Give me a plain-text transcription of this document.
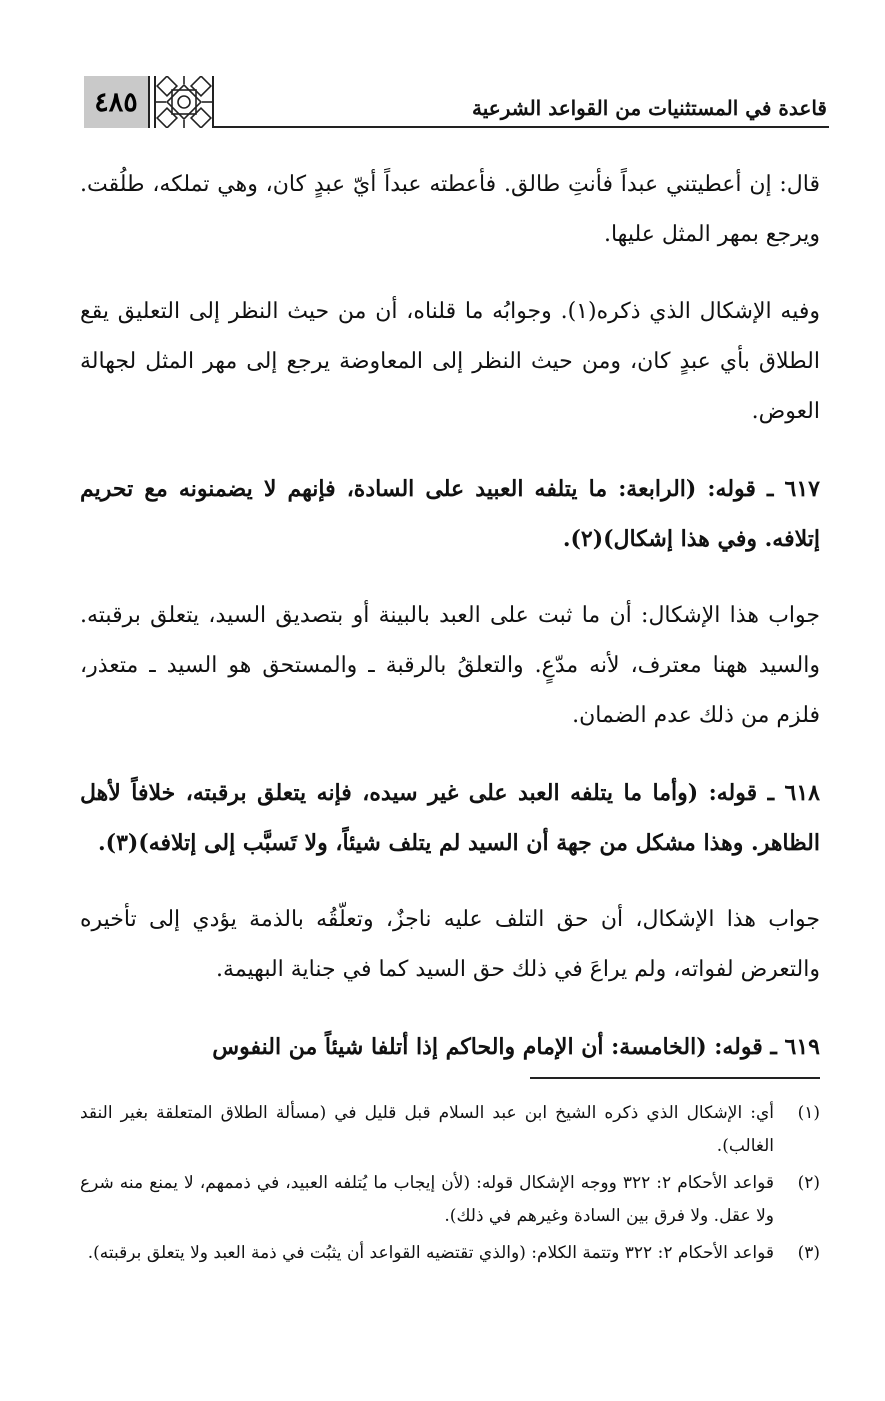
٤٨٥	قاعدة في المستثنيات من القواعد الشرعية

قال: إن أعطيتني عبداً فأنتِ طالق. فأعطته عبداً أيّ عبدٍ كان، وهي تملكه، طلُقت. ويرجع بمهر المثل عليها.

وفيه الإشكال الذي ذكره(١). وجوابُه ما قلناه، أن من حيث النظر إلى التعليق يقع الطلاق بأي عبدٍ كان، ومن حيث النظر إلى المعاوضة يرجع إلى مهر المثل لجهالة العوض.

٦١٧ ـ قوله: (الرابعة: ما يتلفه العبيد على السادة، فإنهم لا يضمنونه مع تحريم إتلافه. وفي هذا إشكال)(٢).

جواب هذا الإشكال: أن ما ثبت على العبد بالبينة أو بتصديق السيد، يتعلق برقبته. والسيد ههنا معترف، لأنه مدّعٍ. والتعلقُ بالرقبة ـ والمستحق هو السيد ـ متعذر، فلزم من ذلك عدم الضمان.

٦١٨ ـ قوله: (وأما ما يتلفه العبد على غير سيده، فإنه يتعلق برقبته، خلافاً لأهل الظاهر. وهذا مشكل من جهة أن السيد لم يتلف شيئاً، ولا تَسبَّب إلى إتلافه)(٣).

جواب هذا الإشكال، أن حق التلف عليه ناجزٌ، وتعلّقُه بالذمة يؤدي إلى تأخيره والتعرض لفواته، ولم يراعَ في ذلك حق السيد كما في جناية البهيمة.

٦١٩ ـ قوله: (الخامسة: أن الإمام والحاكم إذا أتلفا شيئاً من النفوس

(١)
أي: الإشكال الذي ذكره الشيخ ابن عبد السلام قبل قليل في (مسألة الطلاق المتعلقة بغير النقد الغالب).
(٢)
قواعد الأحكام ٢: ٣٢٢ ووجه الإشكال قوله: (لأن إيجاب ما يُتلفه العبيد، في ذممهم، لا يمنع منه شرع ولا عقل. ولا فرق بين السادة وغيرهم في ذلك).
(٣)
قواعد الأحكام ٢: ٣٢٢ وتتمة الكلام: (والذي تقتضيه القواعد أن يثبُت في ذمة العبد ولا يتعلق برقبته).
